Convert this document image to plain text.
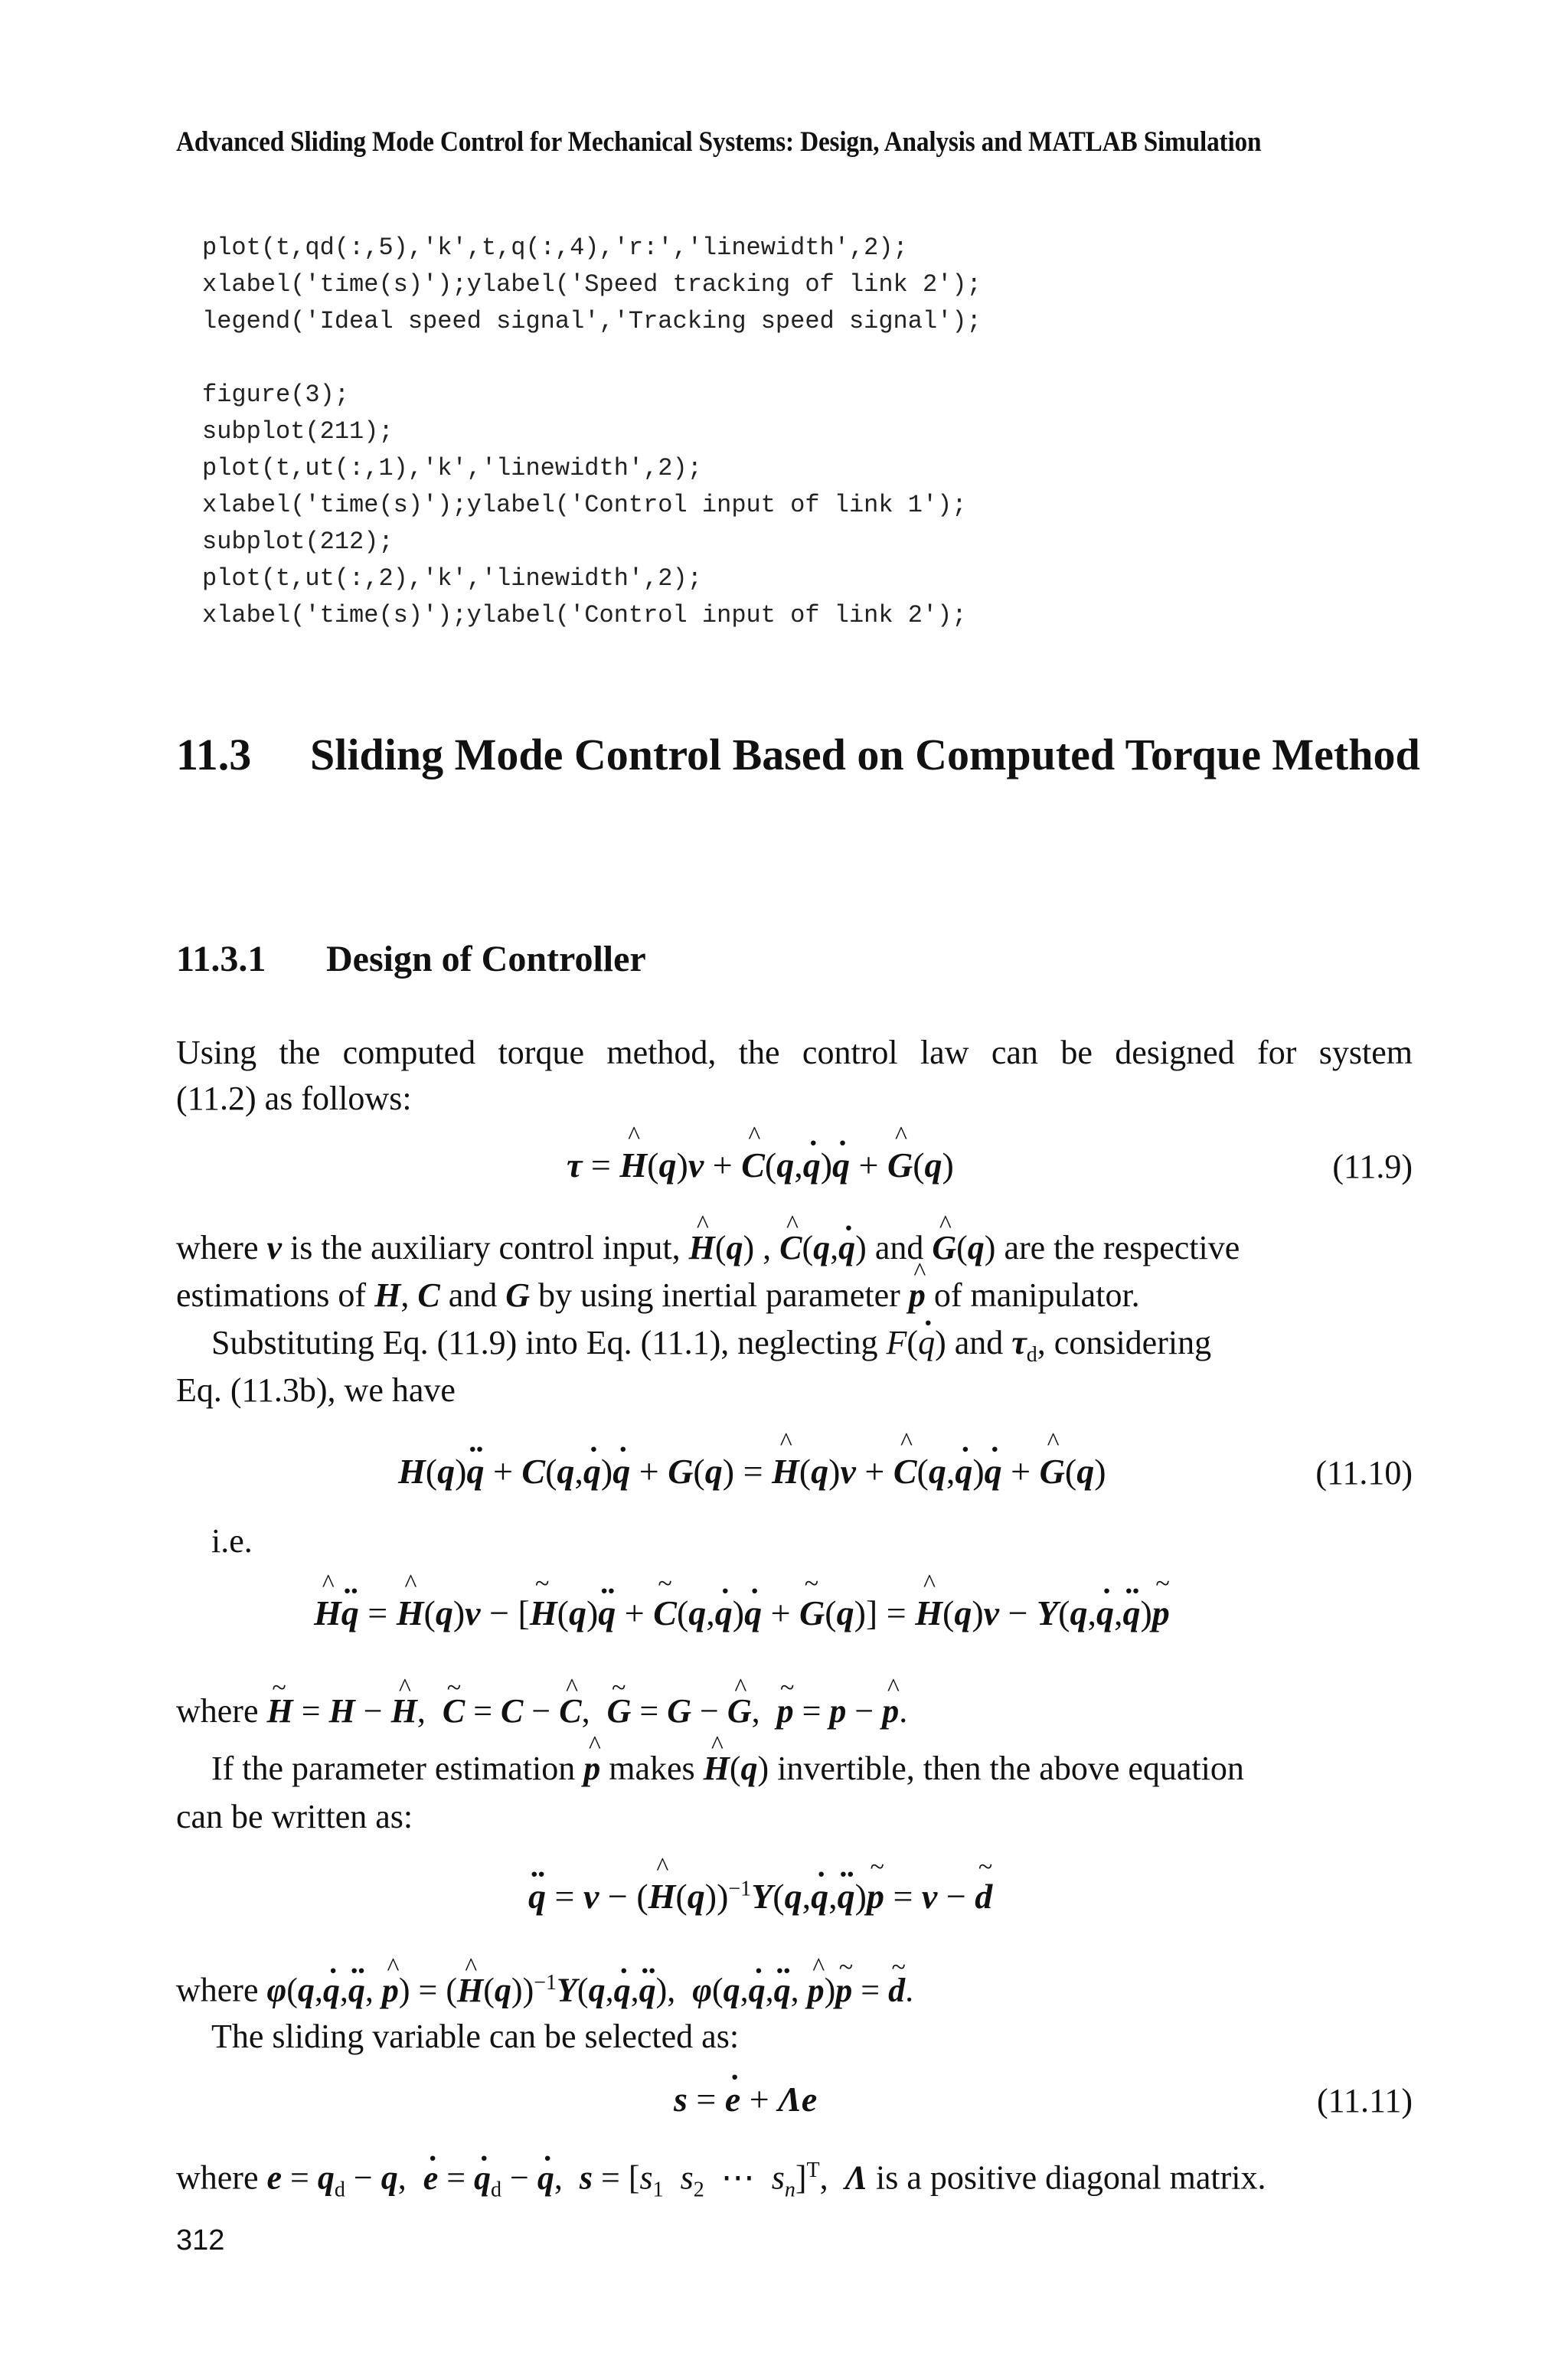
Advanced Sliding Mode Control for Mechanical Systems: Design, Analysis and MATLAB Simulation
plot(t,qd(:,5),'k',t,q(:,4),'r:','linewidth',2);
xlabel('time(s)');ylabel('Speed tracking of link 2');
legend('Ideal speed signal','Tracking speed signal');
figure(3);
subplot(211);
plot(t,ut(:,1),'k','linewidth',2);
xlabel('time(s)');ylabel('Control input of link 1');
subplot(212);
plot(t,ut(:,2),'k','linewidth',2);
xlabel('time(s)');ylabel('Control input of link 2');
11.3 Sliding Mode Control Based on Computed Torque Method
11.3.1 Design of Controller
Using the computed torque method, the control law can be designed for system
(11.2) as follows:
τ = ^ H(q)v + ^ C(q,· q)· q + ^ G(q)	(11.9)
where v is the auxiliary control input, ^ H(q) , ^ C(q,· q) and ^ G(q) are the respective
estimations of H, C and G by using inertial parameter ^ p of manipulator.
Substituting Eq. (11.9) into Eq. (11.1), neglecting F(· q) and $\tau_d$, considering
Eq. (11.3b), we have
H(q)·· q + C(q,· q)· q + G(q) = ^ H(q)v + ^ C(q,· q)· q + ^ G(q)	(11.10)
i.e.
^ H·· q = ^ H(q)v − [~ H(q)·· q + ~ C(q,· q)· q + ~ G(q)] = ^ H(q)v − Y(q,· q,·· q)~ p
where ~ H = H − ^ H,  ~ C = C − ^ C,  ~ G = G − ^ G,  ~ p = p − ^ p.
If the parameter estimation ^ p makes ^ H(q) invertible, then the above equation
can be written as:
·· q = v − (^ H(q))$^{-1}$Y(q,· q,·· q)~ p = v − ~ d
where φ(q,· q,·· q, ^ p) = (^ H(q))$^{-1}$Y(q,· q,·· q),  φ(q,· q,·· q, ^ p)~ p = ~ d.
The sliding variable can be selected as:
s = · e + Λe	(11.11)
where $e = q_d - q$,  · e = · $q_d$ − · q,  $s = [s_1$ $s_2$  ⋯  $s_n]^T$,  Λ is a positive diagonal matrix.
312
